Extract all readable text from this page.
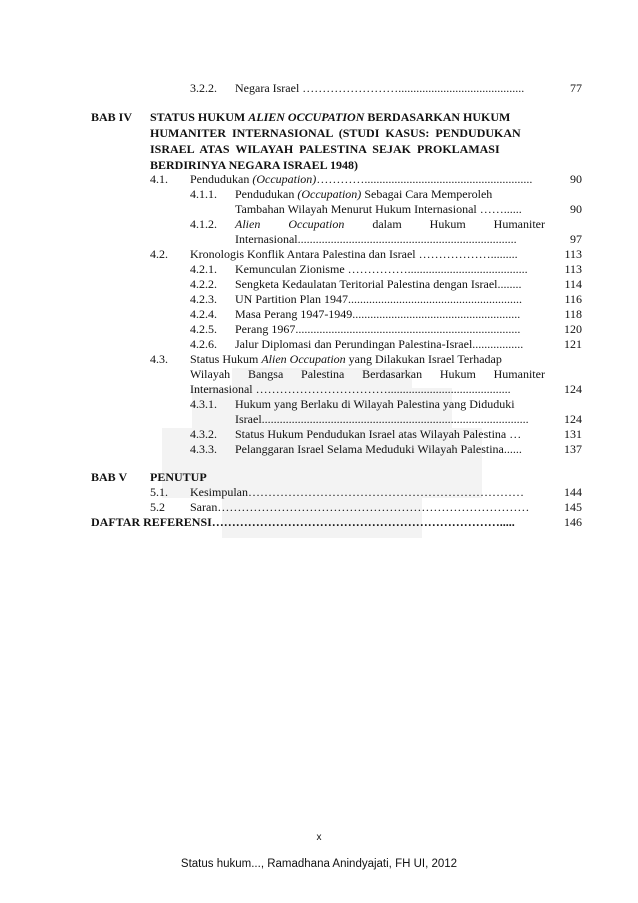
3.2.2. Negara Israel ……………………..........................................	77
BAB IV STATUS HUKUM ALIEN OCCUPATION BERDASARKAN HUKUM
HUMANITER  INTERNASIONAL  (STUDI  KASUS:  PENDUDUKAN
ISRAEL  ATAS  WILAYAH  PALESTINA  SEJAK  PROKLAMASI
BERDIRINYA NEGARA ISRAEL 1948)
4.1. Pendudukan (Occupation)…………........................................................	90
4.1.1. Pendudukan (Occupation) Sebagai Cara Memperoleh
Tambahan Wilayah Menurut Hukum Internasional ……......	90
4.1.2. Alien Occupation dalam Hukum Humaniter
Internasional.........................................................................	97
4.2. Kronologis Konflik Antara Palestina dan Israel ……………….........	113
4.2.1. Kemunculan Zionisme ……………........................................	113
4.2.2. Sengketa Kedaulatan Teritorial Palestina dengan Israel........	114
4.2.3. UN Partition Plan 1947..........................................................	116
4.2.4. Masa Perang 1947-1949........................................................	118
4.2.5. Perang 1967...........................................................................	120
4.2.6. Jalur Diplomasi dan Perundingan Palestina-Israel.................	121
4.3. Status Hukum Alien Occupation yang Dilakukan Israel Terhadap
Wilayah Bangsa Palestina Berdasarkan Hukum Humaniter
Internasional …………………………….........................................	124
4.3.1. Hukum yang Berlaku di Wilayah Palestina yang Diduduki
Israel.........................................................................................	124
4.3.2. Status Hukum Pendudukan Israel atas Wilayah Palestina …	131
4.3.3. Pelanggaran Israel Selama Meduduki Wilayah Palestina......	137
BAB V PENUTUP
5.1. Kesimpulan……………………………………………………………	144
5.2 Saran……………………………………………………………………	145
DAFTAR REFERENSI……………………………………………………………….....	146
x
Status hukum..., Ramadhana Anindyajati, FH UI, 2012
